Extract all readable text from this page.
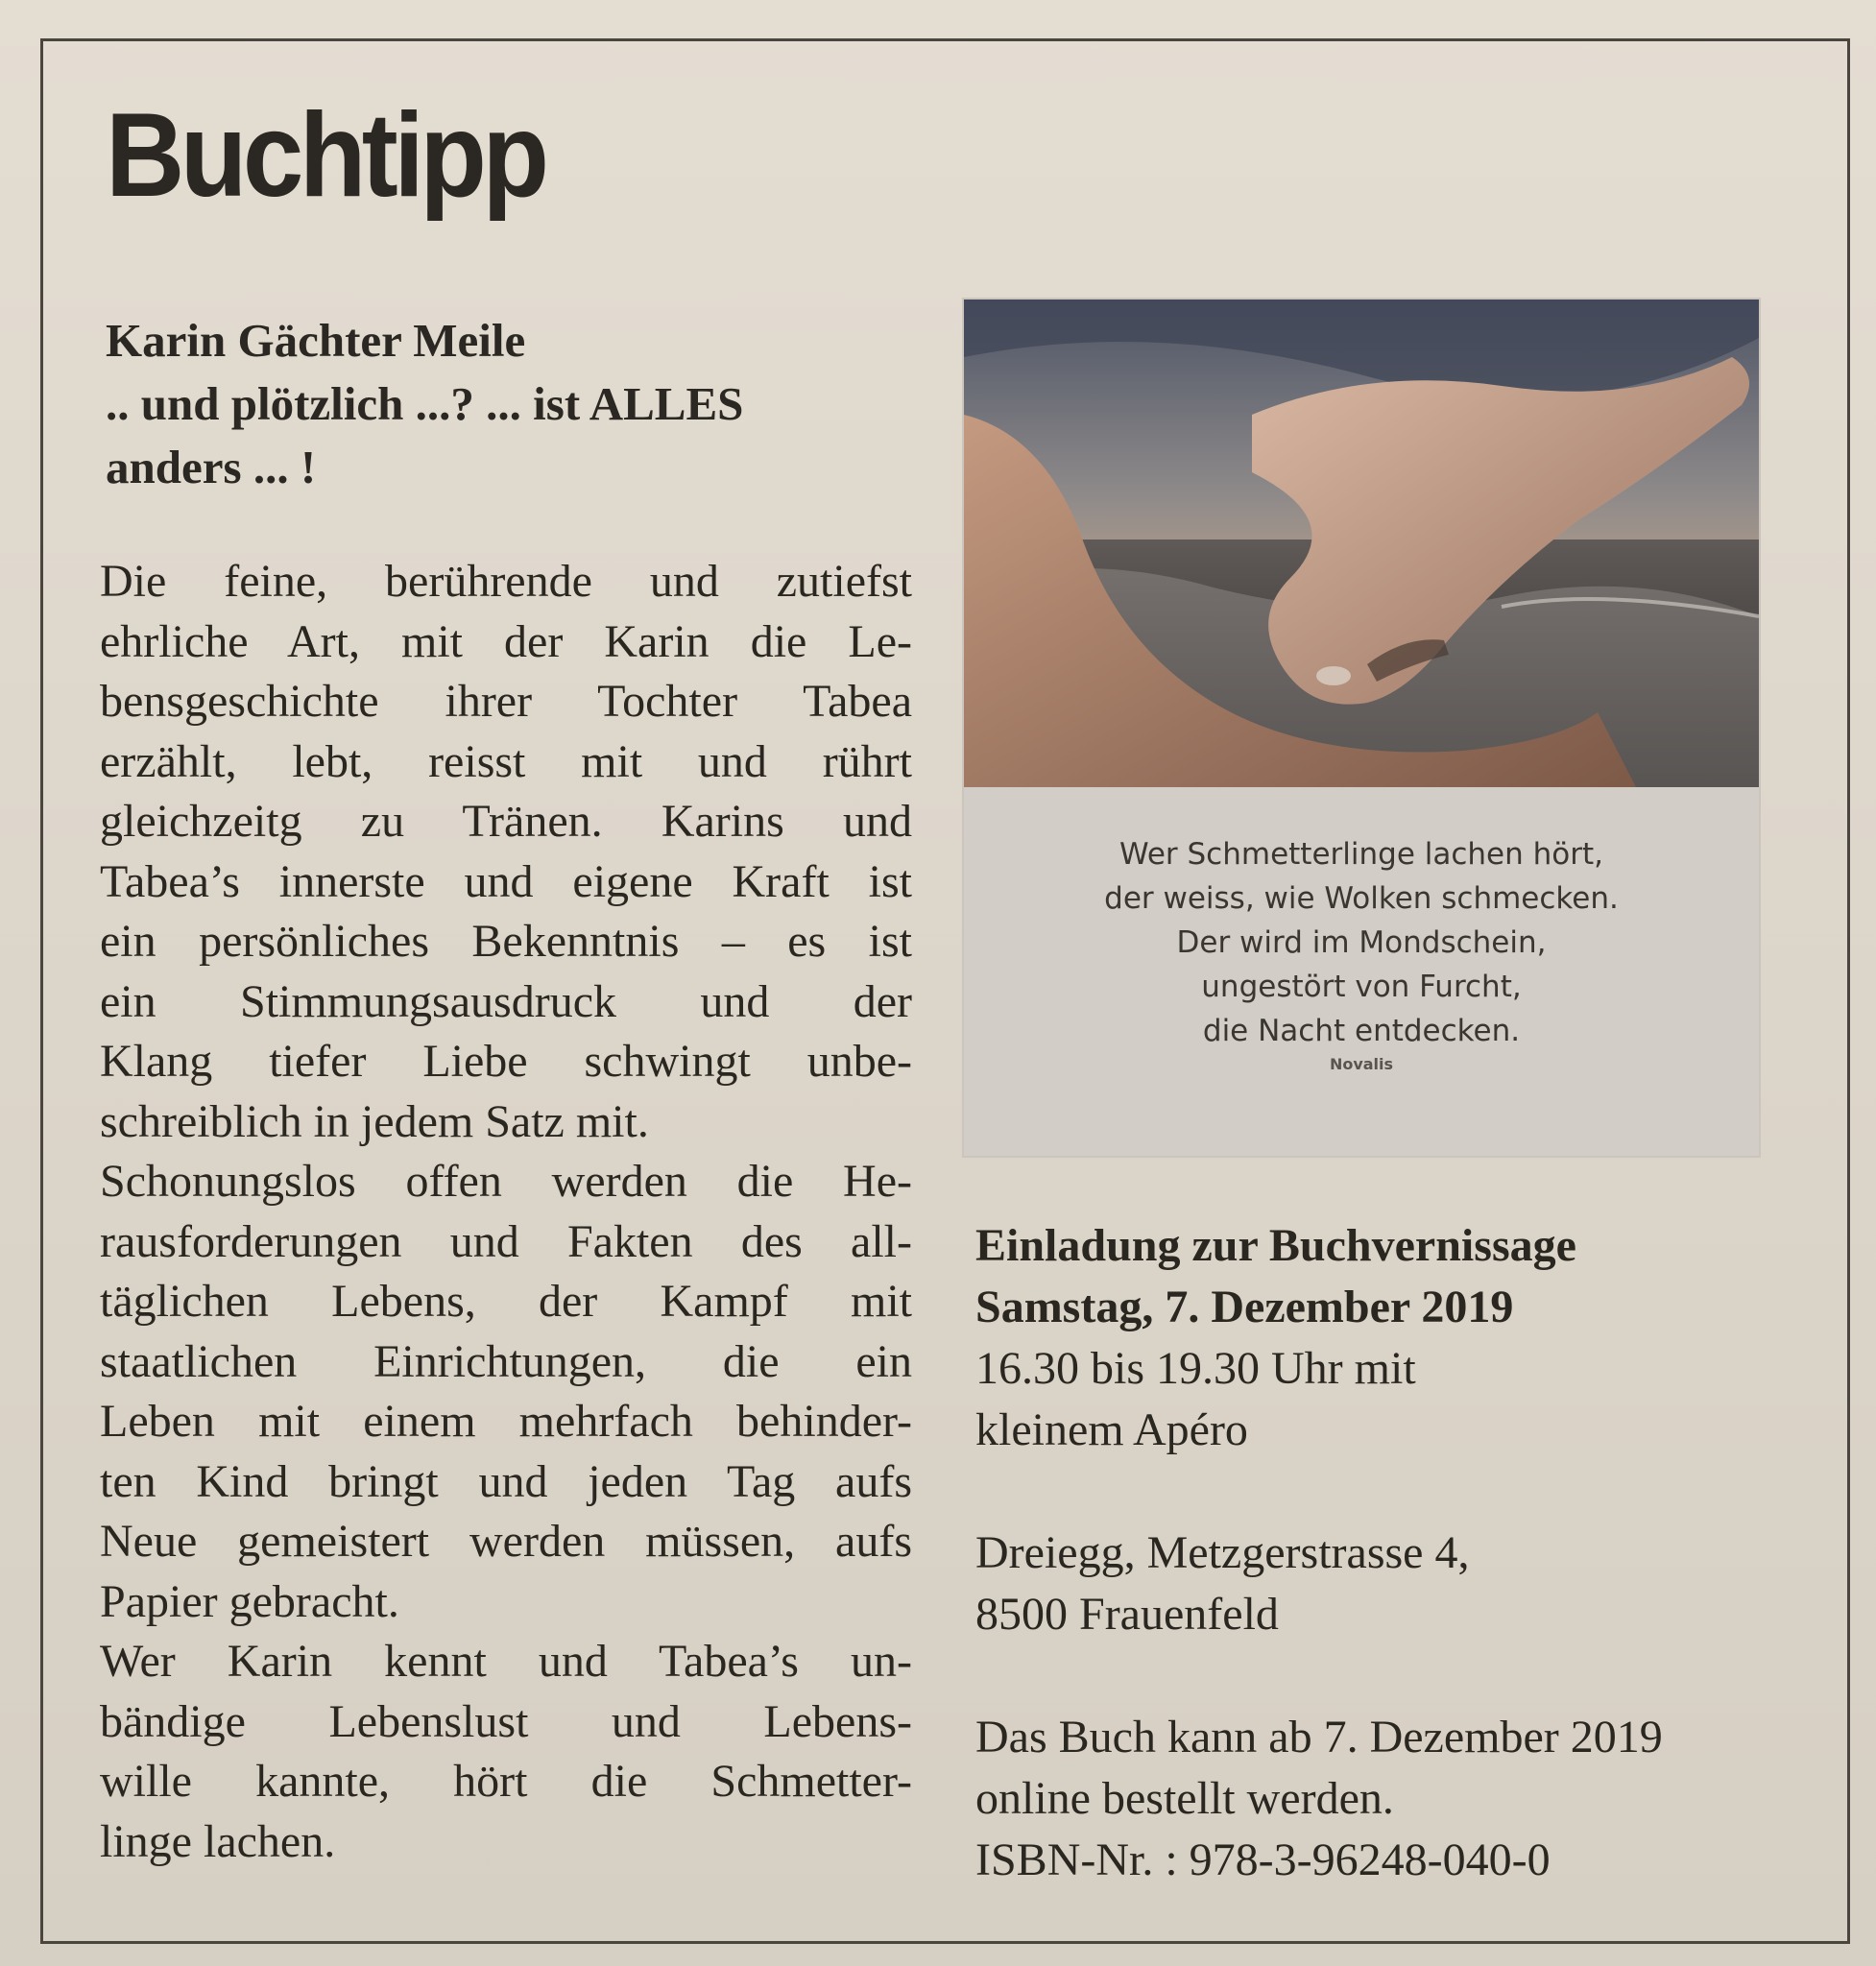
Buchtipp
Karin Gächter Meile
.. und plötzlich ...? ... ist ALLES
anders ... !
Die feine, berührende und zutiefst
ehrliche Art, mit der Karin die Le-
bensgeschichte ihrer Tochter Tabea
erzählt, lebt, reisst mit und rührt
gleichzeitg zu Tränen. Karins und
Tabea’s innerste und eigene Kraft ist
ein persönliches Bekenntnis – es ist
ein Stimmungsausdruck und der
Klang tiefer Liebe schwingt unbe-
schreiblich in jedem Satz mit.
Schonungslos offen werden die He-
rausforderungen und Fakten des all-
täglichen Lebens, der Kampf mit
staatlichen Einrichtungen, die ein
Leben mit einem mehrfach behinder-
ten Kind bringt und jeden Tag aufs
Neue gemeistert werden müssen, aufs
Papier gebracht.
Wer Karin kennt und Tabea’s un-
bändige Lebenslust und Lebens-
wille kannte, hört die Schmetter-
linge lachen.
Wer Schmetterlinge lachen hört,
der weiss, wie Wolken schmecken.
Der wird im Mondschein,
ungestört von Furcht,
die Nacht entdecken.
Novalis
Einladung zur Buchvernissage
Samstag, 7. Dezember 2019
16.30 bis 19.30 Uhr mit
kleinem Apéro
Dreiegg, Metzgerstrasse 4,
8500 Frauenfeld
Das Buch kann ab 7. Dezember 2019
online bestellt werden.
ISBN-Nr. : 978-3-96248-040-0
